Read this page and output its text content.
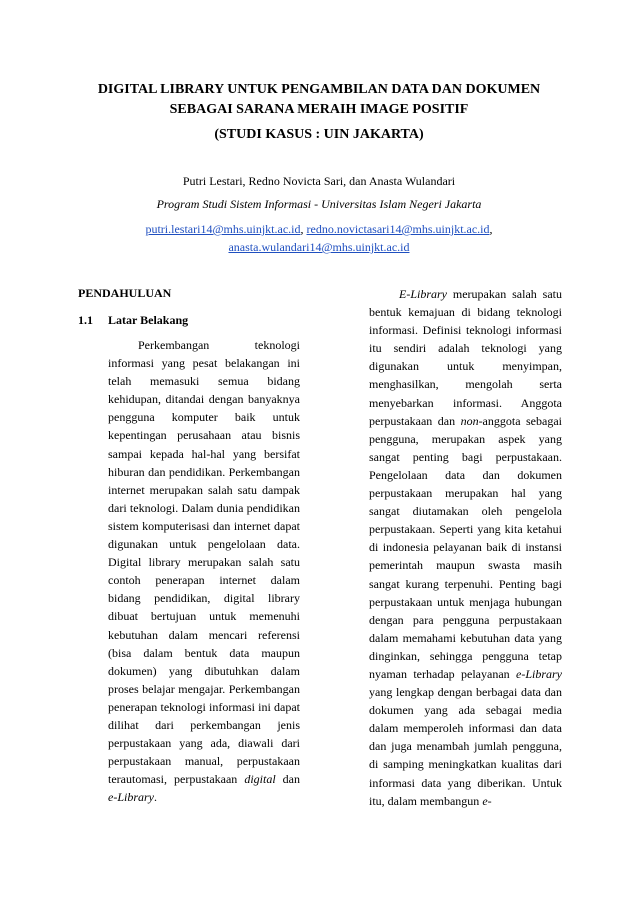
DIGITAL LIBRARY UNTUK PENGAMBILAN DATA DAN DOKUMEN
SEBAGAI SARANA MERAIH IMAGE POSITIF
(STUDI KASUS : UIN JAKARTA)
Putri Lestari, Redno Novicta Sari, dan Anasta Wulandari
Program Studi Sistem Informasi - Universitas Islam Negeri Jakarta
putri.lestari14@mhs.uinjkt.ac.id, redno.novictasari14@mhs.uinjkt.ac.id,
anasta.wulandari14@mhs.uinjkt.ac.id
PENDAHULUAN
1.1 Latar Belakang

Perkembangan teknologi informasi yang pesat belakangan ini telah memasuki semua bidang kehidupan, ditandai dengan banyaknya pengguna komputer baik untuk kepentingan perusahaan atau bisnis sampai kepada hal-hal yang bersifat hiburan dan pendidikan. Perkembangan internet merupakan salah satu dampak dari teknologi. Dalam dunia pendidikan sistem komputerisasi dan internet dapat digunakan untuk pengelolaan data. Digital library merupakan salah satu contoh penerapan internet dalam bidang pendidikan, digital library dibuat bertujuan untuk memenuhi kebutuhan dalam mencari referensi (bisa dalam bentuk data maupun dokumen) yang dibutuhkan dalam proses belajar mengajar. Perkembangan penerapan teknologi informasi ini dapat dilihat dari perkembangan jenis perpustakaan yang ada, diawali dari perpustakaan manual, perpustakaan terautomasi, perpustakaan digital dan e-Library.

E-Library merupakan salah satu bentuk kemajuan di bidang teknologi informasi. Definisi teknologi informasi itu sendiri adalah teknologi yang digunakan untuk menyimpan, menghasilkan, mengolah serta menyebarkan informasi. Anggota perpustakaan dan non-anggota sebagai pengguna, merupakan aspek yang sangat penting bagi perpustakaan. Pengelolaan data dan dokumen perpustakaan merupakan hal yang sangat diutamakan oleh pengelola perpustakaan. Seperti yang kita ketahui di indonesia pelayanan baik di instansi pemerintah maupun swasta masih sangat kurang terpenuhi. Penting bagi perpustakaan untuk menjaga hubungan dengan para pengguna perpustakaan dalam memahami kebutuhan data yang dinginkan, sehingga pengguna tetap nyaman terhadap pelayanan e-Library yang lengkap dengan berbagai data dan dokumen yang ada sebagai media dalam memperoleh informasi dan data dan juga menambah jumlah pengguna, di samping meningkatkan kualitas dari informasi data yang diberikan. Untuk itu, dalam membangun e-
